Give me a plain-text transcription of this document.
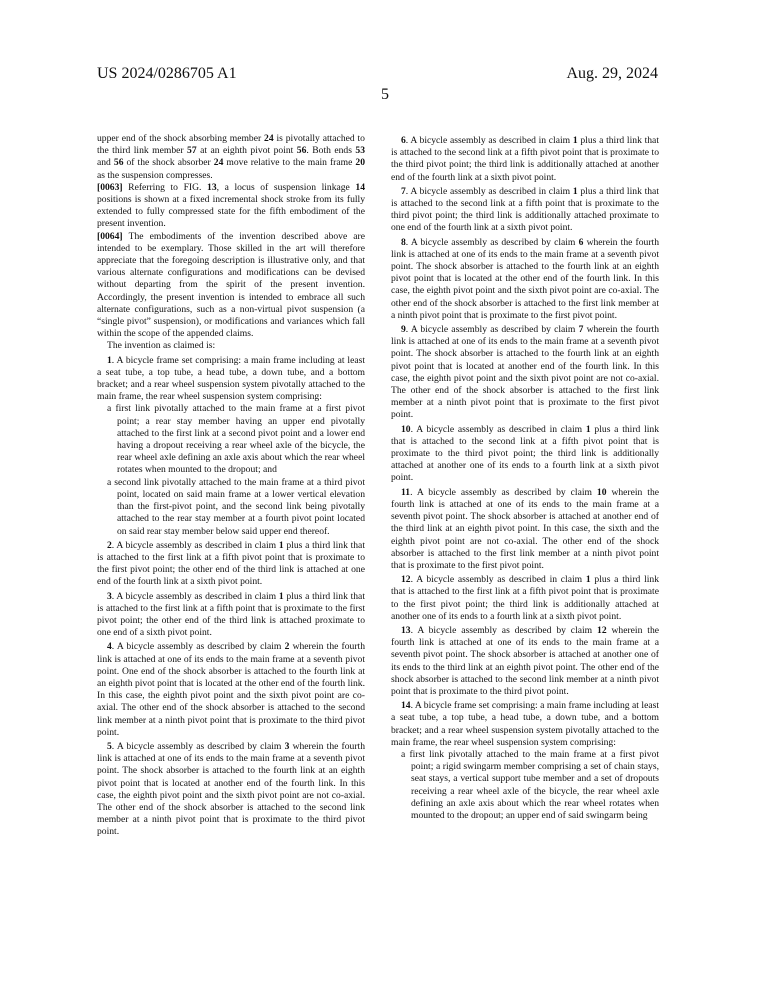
US 2024/0286705 A1	Aug. 29, 2024
5

upper end of the shock absorbing member 24 is pivotally attached to the third link member 57 at an eighth pivot point 56. Both ends 53 and 56 of the shock absorber 24 move relative to the main frame 20 as the suspension compresses.

[0063] Referring to FIG. 13, a locus of suspension linkage 14 positions is shown at a fixed incremental shock stroke from its fully extended to fully compressed state for the fifth embodiment of the present invention.

[0064] The embodiments of the invention described above are intended to be exemplary. Those skilled in the art will therefore appreciate that the foregoing description is illustrative only, and that various alternate configurations and modifications can be devised without departing from the spirit of the present invention. Accordingly, the present invention is intended to embrace all such alternate configurations, such as a non-virtual pivot suspension (a “single pivot” suspension), or modifications and variances which fall within the scope of the appended claims.

The invention as claimed is:

1. A bicycle frame set comprising: a main frame including at least a seat tube, a top tube, a head tube, a down tube, and a bottom bracket; and a rear wheel suspension system pivotally attached to the main frame, the rear wheel suspension system comprising:

a first link pivotally attached to the main frame at a first pivot point; a rear stay member having an upper end pivotally attached to the first link at a second pivot point and a lower end having a dropout receiving a rear wheel axle of the bicycle, the rear wheel axle defining an axle axis about which the rear wheel rotates when mounted to the dropout; and

a second link pivotally attached to the main frame at a third pivot point, located on said main frame at a lower vertical elevation than the first-pivot point, and the second link being pivotally attached to the rear stay member at a fourth pivot point located on said rear stay member below said upper end thereof.

2. A bicycle assembly as described in claim 1 plus a third link that is attached to the first link at a fifth pivot point that is proximate to the first pivot point; the other end of the third link is attached at one end of the fourth link at a sixth pivot point.

3. A bicycle assembly as described in claim 1 plus a third link that is attached to the first link at a fifth point that is proximate to the first pivot point; the other end of the third link is attached proximate to one end of a sixth pivot point.

4. A bicycle assembly as described by claim 2 wherein the fourth link is attached at one of its ends to the main frame at a seventh pivot point. One end of the shock absorber is attached to the fourth link at an eighth pivot point that is located at the other end of the fourth link. In this case, the eighth pivot point and the sixth pivot point are co-axial. The other end of the shock absorber is attached to the second link member at a ninth pivot point that is proximate to the third pivot point.

5. A bicycle assembly as described by claim 3 wherein the fourth link is attached at one of its ends to the main frame at a seventh pivot point. The shock absorber is attached to the fourth link at an eighth pivot point that is located at another end of the fourth link. In this case, the eighth pivot point and the sixth pivot point are not co-axial. The other end of the shock absorber is attached to the second link member at a ninth pivot point that is proximate to the third pivot point.

6. A bicycle assembly as described in claim 1 plus a third link that is attached to the second link at a fifth pivot point that is proximate to the third pivot point; the third link is additionally attached at another end of the fourth link at a sixth pivot point.

7. A bicycle assembly as described in claim 1 plus a third link that is attached to the second link at a fifth point that is proximate to the third pivot point; the third link is additionally attached proximate to one end of the fourth link at a sixth pivot point.

8. A bicycle assembly as described by claim 6 wherein the fourth link is attached at one of its ends to the main frame at a seventh pivot point. The shock absorber is attached to the fourth link at an eighth pivot point that is located at the other end of the fourth link. In this case, the eighth pivot point and the sixth pivot point are co-axial. The other end of the shock absorber is attached to the first link member at a ninth pivot point that is proximate to the first pivot point.

9. A bicycle assembly as described by claim 7 wherein the fourth link is attached at one of its ends to the main frame at a seventh pivot point. The shock absorber is attached to the fourth link at an eighth pivot point that is located at another end of the fourth link. In this case, the eighth pivot point and the sixth pivot point are not co-axial. The other end of the shock absorber is attached to the first link member at a ninth pivot point that is proximate to the first pivot point.

10. A bicycle assembly as described in claim 1 plus a third link that is attached to the second link at a fifth pivot point that is proximate to the third pivot point; the third link is additionally attached at another one of its ends to a fourth link at a sixth pivot point.

11. A bicycle assembly as described by claim 10 wherein the fourth link is attached at one of its ends to the main frame at a seventh pivot point. The shock absorber is attached at another end of the third link at an eighth pivot point. In this case, the sixth and the eighth pivot point are not co-axial. The other end of the shock absorber is attached to the first link member at a ninth pivot point that is proximate to the first pivot point.

12. A bicycle assembly as described in claim 1 plus a third link that is attached to the first link at a fifth pivot point that is proximate to the first pivot point; the third link is additionally attached at another one of its ends to a fourth link at a sixth pivot point.

13. A bicycle assembly as described by claim 12 wherein the fourth link is attached at one of its ends to the main frame at a seventh pivot point. The shock absorber is attached at another one of its ends to the third link at an eighth pivot point. The other end of the shock absorber is attached to the second link member at a ninth pivot point that is proximate to the third pivot point.

14. A bicycle frame set comprising: a main frame including at least a seat tube, a top tube, a head tube, a down tube, and a bottom bracket; and a rear wheel suspension system pivotally attached to the main frame, the rear wheel suspension system comprising:

a first link pivotally attached to the main frame at a first pivot point; a rigid swingarm member comprising a set of chain stays, seat stays, a vertical support tube member and a set of dropouts receiving a rear wheel axle of the bicycle, the rear wheel axle defining an axle axis about which the rear wheel rotates when mounted to the dropout; an upper end of said swingarm being
